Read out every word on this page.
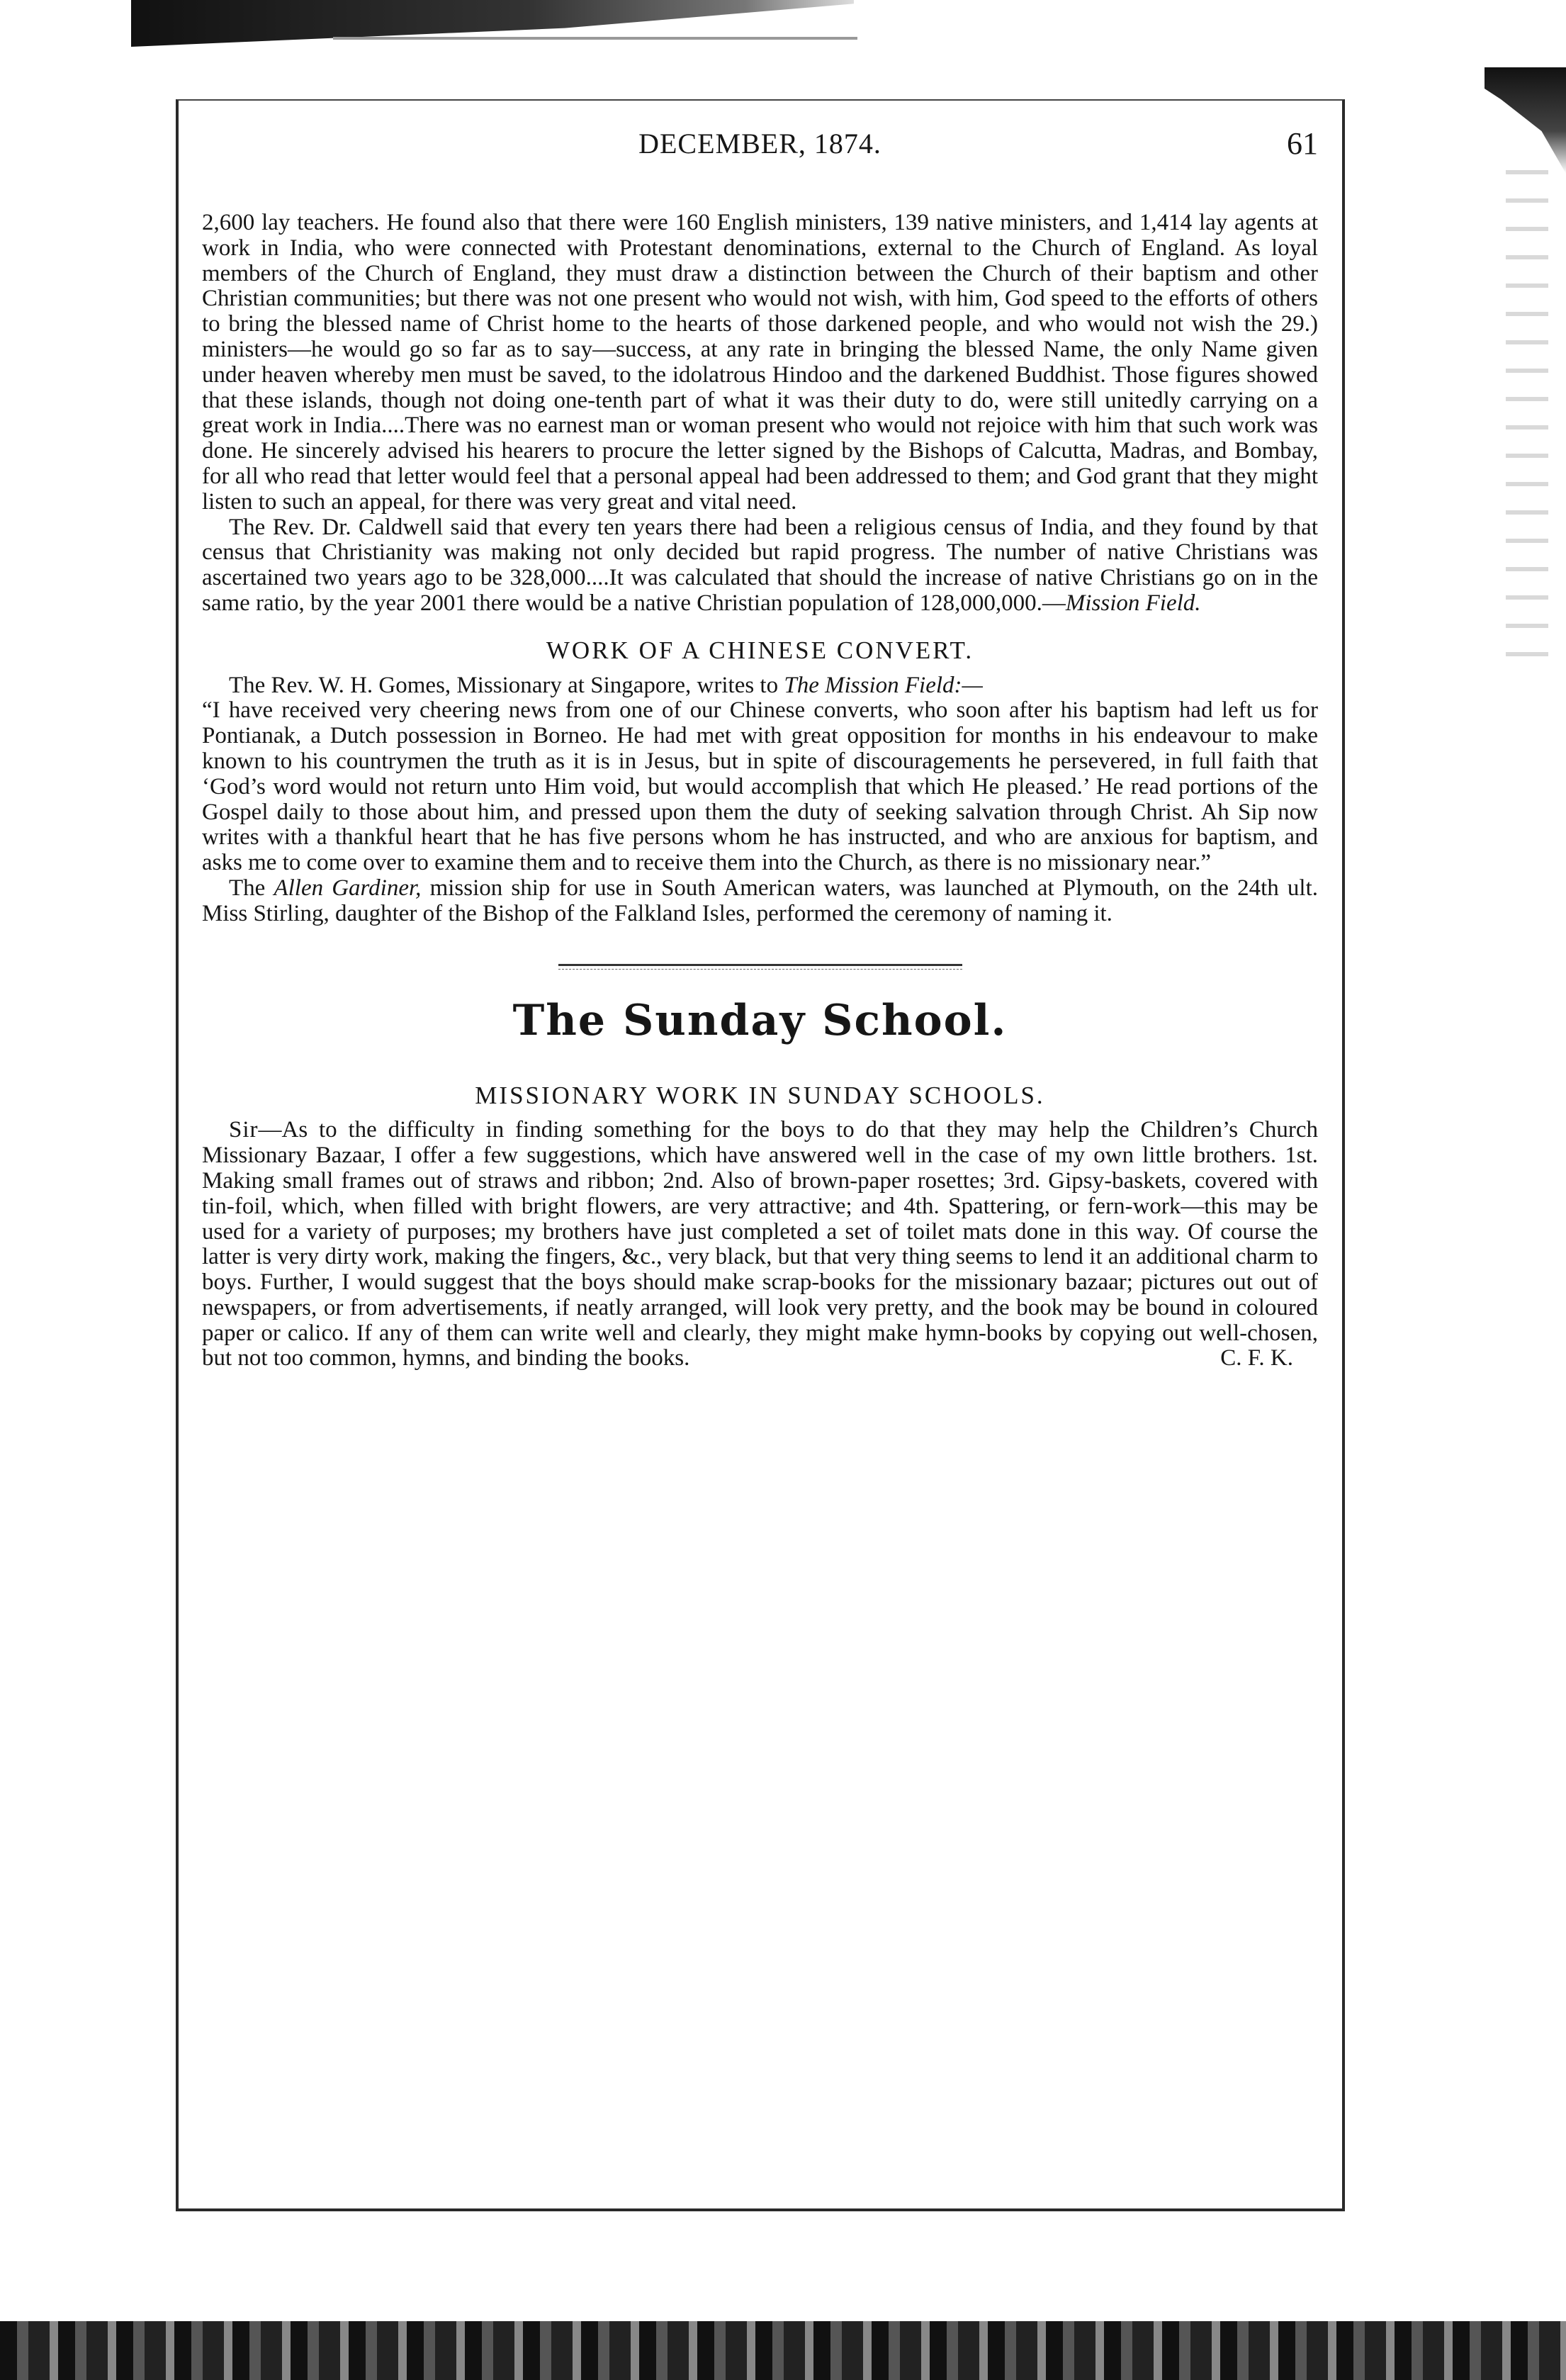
DECEMBER, 1874.	61

2,600 lay teachers. He found also that there were 160 English ministers, 139 native ministers, and 1,414 lay agents at work in India, who were connected with Protestant denominations, external to the Church of England. As loyal members of the Church of England, they must draw a distinction between the Church of their baptism and other Christian communities; but there was not one present who would not wish, with him, God speed to the efforts of others to bring the blessed name of Christ home to the hearts of those darkened people, and who would not wish the 29.) ministers—he would go so far as to say—success, at any rate in bringing the blessed Name, the only Name given under heaven whereby men must be saved, to the idolatrous Hindoo and the darkened Buddhist. Those figures showed that these islands, though not doing one-tenth part of what it was their duty to do, were still unitedly carrying on a great work in India....There was no earnest man or woman present who would not rejoice with him that such work was done. He sincerely advised his hearers to procure the letter signed by the Bishops of Calcutta, Madras, and Bombay, for all who read that letter would feel that a personal appeal had been addressed to them; and God grant that they might listen to such an appeal, for there was very great and vital need.

The Rev. Dr. Caldwell said that every ten years there had been a religious census of India, and they found by that census that Christianity was making not only decided but rapid progress. The number of native Christians was ascertained two years ago to be 328,000....It was calculated that should the increase of native Christians go on in the same ratio, by the year 2001 there would be a native Christian population of 128,000,000.—Mission Field.

WORK OF A CHINESE CONVERT.

The Rev. W. H. Gomes, Missionary at Singapore, writes to The Mission Field:—

“I have received very cheering news from one of our Chinese converts, who soon after his baptism had left us for Pontianak, a Dutch possession in Borneo. He had met with great opposition for months in his endeavour to make known to his countrymen the truth as it is in Jesus, but in spite of discouragements he persevered, in full faith that ‘God’s word would not return unto Him void, but would accomplish that which He pleased.’ He read portions of the Gospel daily to those about him, and pressed upon them the duty of seeking salvation through Christ. Ah Sip now writes with a thankful heart that he has five persons whom he has instructed, and who are anxious for baptism, and asks me to come over to examine them and to receive them into the Church, as there is no missionary near.”

The Allen Gardiner, mission ship for use in South American waters, was launched at Plymouth, on the 24th ult. Miss Stirling, daughter of the Bishop of the Falkland Isles, performed the ceremony of naming it.

The Sunday School.
MISSIONARY WORK IN SUNDAY SCHOOLS.

Sir—As to the difficulty in finding something for the boys to do that they may help the Children’s Church Missionary Bazaar, I offer a few suggestions, which have answered well in the case of my own little brothers. 1st. Making small frames out of straws and ribbon; 2nd. Also of brown-paper rosettes; 3rd. Gipsy-baskets, covered with tin-foil, which, when filled with bright flowers, are very attractive; and 4th. Spattering, or fern-work—this may be used for a variety of purposes; my brothers have just completed a set of toilet mats done in this way. Of course the latter is very dirty work, making the fingers, &c., very black, but that very thing seems to lend it an additional charm to boys. Further, I would suggest that the boys should make scrap-books for the missionary bazaar; pictures out out of newspapers, or from advertisements, if neatly arranged, will look very pretty, and the book may be bound in coloured paper or calico. If any of them can write well and clearly, they might make hymn-books by copying out well-chosen, but not too common, hymns, and binding the books.	C. F. K.
